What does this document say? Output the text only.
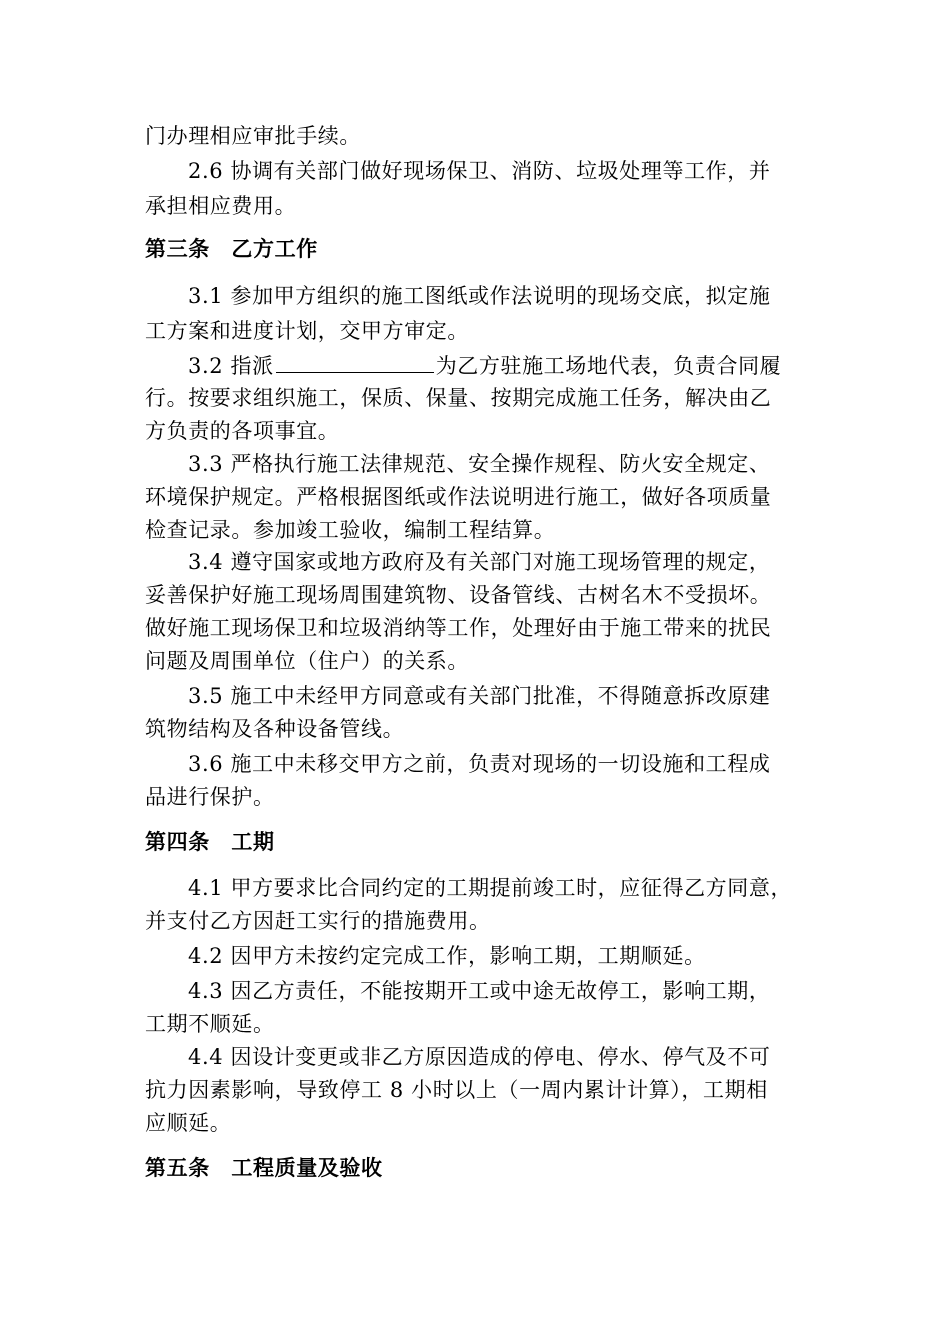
门办理相应审批手续。
2.6 协调有关部门做好现场保卫、消防、垃圾处理等工作，并
承担相应费用。
第三条　乙方工作
3.1 参加甲方组织的施工图纸或作法说明的现场交底，拟定施
工方案和进度计划，交甲方审定。
3.2 指派	为乙方驻施工场地代表，负责合同履
行。按要求组织施工，保质、保量、按期完成施工任务，解决由乙
方负责的各项事宜。
3.3 严格执行施工法律规范、安全操作规程、防火安全规定、
环境保护规定。严格根据图纸或作法说明进行施工，做好各项质量
检查记录。参加竣工验收，编制工程结算。
3.4 遵守国家或地方政府及有关部门对施工现场管理的规定，
妥善保护好施工现场周围建筑物、设备管线、古树名木不受损坏。
做好施工现场保卫和垃圾消纳等工作，处理好由于施工带来的扰民
问题及周围单位（住户）的关系。
3.5 施工中未经甲方同意或有关部门批准，不得随意拆改原建
筑物结构及各种设备管线。
3.6 施工中未移交甲方之前，负责对现场的一切设施和工程成
品进行保护。
第四条　工期
4.1 甲方要求比合同约定的工期提前竣工时，应征得乙方同意，
并支付乙方因赶工实行的措施费用。
4.2 因甲方未按约定完成工作，影响工期，工期顺延。
4.3 因乙方责任，不能按期开工或中途无故停工，影响工期，
工期不顺延。
4.4 因设计变更或非乙方原因造成的停电、停水、停气及不可
抗力因素影响，导致停工 8 小时以上（一周内累计计算），工期相
应顺延。
第五条　工程质量及验收
